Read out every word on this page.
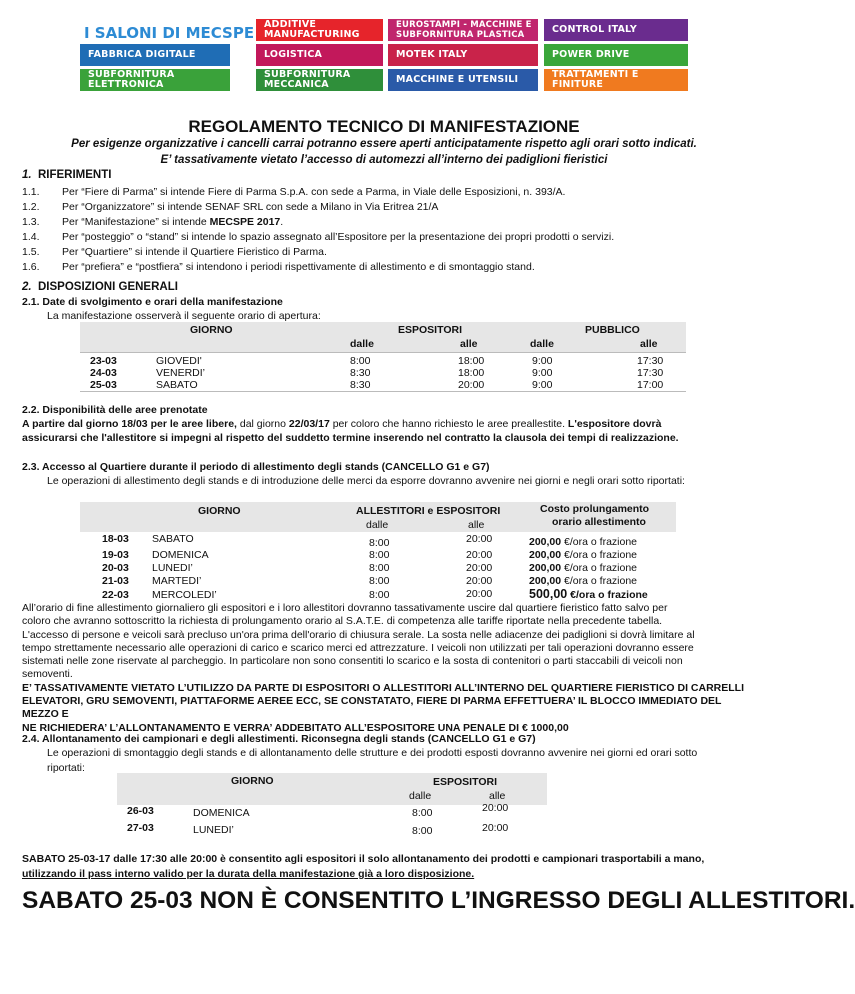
I SALONI DI MECSPE
FABBRICA DIGITALE
SUBFORNITURA ELETTRONICA
ADDITIVE MANUFACTURING
LOGISTICA
SUBFORNITURA MECCANICA
EUROSTAMPI - MACCHINE E SUBFORNITURA PLASTICA
MOTEK ITALY
MACCHINE E UTENSILI
CONTROL ITALY
POWER DRIVE
TRATTAMENTI E FINITURE
REGOLAMENTO TECNICO DI MANIFESTAZIONE
Per esigenze organizzative i cancelli carrai potranno essere aperti anticipatamente rispetto agli orari sotto indicati.
E’ tassativamente vietato l’accesso di automezzi all’interno dei padiglioni fieristici
1. RIFERIMENTI
1.1. Per “Fiere di Parma” si intende Fiere di Parma S.p.A. con sede a Parma, in Viale delle Esposizioni, n. 393/A.
1.2. Per “Organizzatore” si intende SENAF SRL con sede a Milano in Via Eritrea 21/A
1.3. Per “Manifestazione” si intende MECSPE 2017.
1.4. Per “posteggio” o “stand” si intende lo spazio assegnato all’Espositore per la presentazione dei propri prodotti o servizi.
1.5. Per “Quartiere” si intende il Quartiere Fieristico di Parma.
1.6. Per “prefiera” e “postfiera” si intendono i periodi rispettivamente di allestimento e di smontaggio stand.
2. DISPOSIZIONI GENERALI
2.1. Date di svolgimento e orari della manifestazione
La manifestazione osserverà il seguente orario di apertura:
GIORNO	ESPOSITORI	PUBBLICO
dalle	alle	dalle	alle
23-03	GIOVEDI'	8:00	18:00	9:00	17:30
24-03	VENERDI’	8:30	18:00	9:00	17:30
25-03	SABATO	8:30	20:00	9:00	17:00
2.2. Disponibilità delle aree prenotate
A partire dal giorno 18/03 per le aree libere, dal giorno 22/03/17 per coloro che hanno richiesto le aree preallestite. L'espositore dovrà
assicurarsi che l'allestitore si impegni al rispetto del suddetto termine inserendo nel contratto la clausola dei tempi di realizzazione.
2.3. Accesso al Quartiere durante il periodo di allestimento degli stands (CANCELLO G1 e G7)
Le operazioni di allestimento degli stands e di introduzione delle merci da esporre dovranno avvenire nei giorni e negli orari sotto riportati:
GIORNO	ALLESTITORI e ESPOSITORI
dalle	alle
Costo prolungamento
orario allestimento
18-03 SABATO	8:00	20:00	200,00 €/ora o frazione
19-03 DOMENICA	8:00	20:00	200,00 €/ora o frazione
20-03 LUNEDI’	8:00	20:00	200,00 €/ora o frazione
21-03 MARTEDI’	8:00	20:00	200,00 €/ora o frazione
22-03 MERCOLEDI’	8:00	20:00	500,00 €/ora o frazione
All’orario di fine allestimento giornaliero gli espositori e i loro allestitori dovranno tassativamente uscire dal quartiere fieristico fatto salvo per
coloro che avranno sottoscritto la richiesta di prolungamento orario al S.A.T.E. di competenza alle tariffe riportate nella precedente tabella.
L'accesso di persone e veicoli sarà precluso un'ora prima dell'orario di chiusura serale. La sosta nelle adiacenze dei padiglioni si dovrà limitare al
tempo strettamente necessario alle operazioni di carico e scarico merci ed attrezzature. I veicoli non utilizzati per tali operazioni dovranno essere
sistemati nelle zone riservate al parcheggio. In particolare non sono consentiti lo scarico e la sosta di contenitori o parti staccabili di veicoli non
semoventi.
E’ TASSATIVAMENTE VIETATO L’UTILIZZO DA PARTE DI ESPOSITORI O ALLESTITORI ALL’INTERNO DEL QUARTIERE FIERISTICO DI CARRELLI
ELEVATORI, GRU SEMOVENTI, PIATTAFORME AEREE ECC, SE CONSTATATO, FIERE DI PARMA EFFETTUERA’ IL BLOCCO IMMEDIATO DEL MEZZO E
NE RICHIEDERA’ L’ALLONTANAMENTO E VERRA’ ADDEBITATO ALL’ESPOSITORE UNA PENALE DI € 1000,00
2.4. Allontanamento dei campionari e degli allestimenti. Riconsegna degli stands (CANCELLO G1 e G7)
Le operazioni di smontaggio degli stands e di allontanamento delle strutture e dei prodotti esposti dovranno avvenire nei giorni ed orari sotto
riportati:
GIORNO	ESPOSITORI
dalle	alle
26-03	DOMENICA	8:00	20:00
27-03	LUNEDI’	8:00	20:00
SABATO 25-03-17 dalle 17:30 alle 20:00 è consentito agli espositori il solo allontanamento dei prodotti e campionari trasportabili a mano,
utilizzando il pass interno valido per la durata della manifestazione già a loro disposizione.
SABATO 25-03 NON È CONSENTITO L’INGRESSO DEGLI ALLESTITORI.
